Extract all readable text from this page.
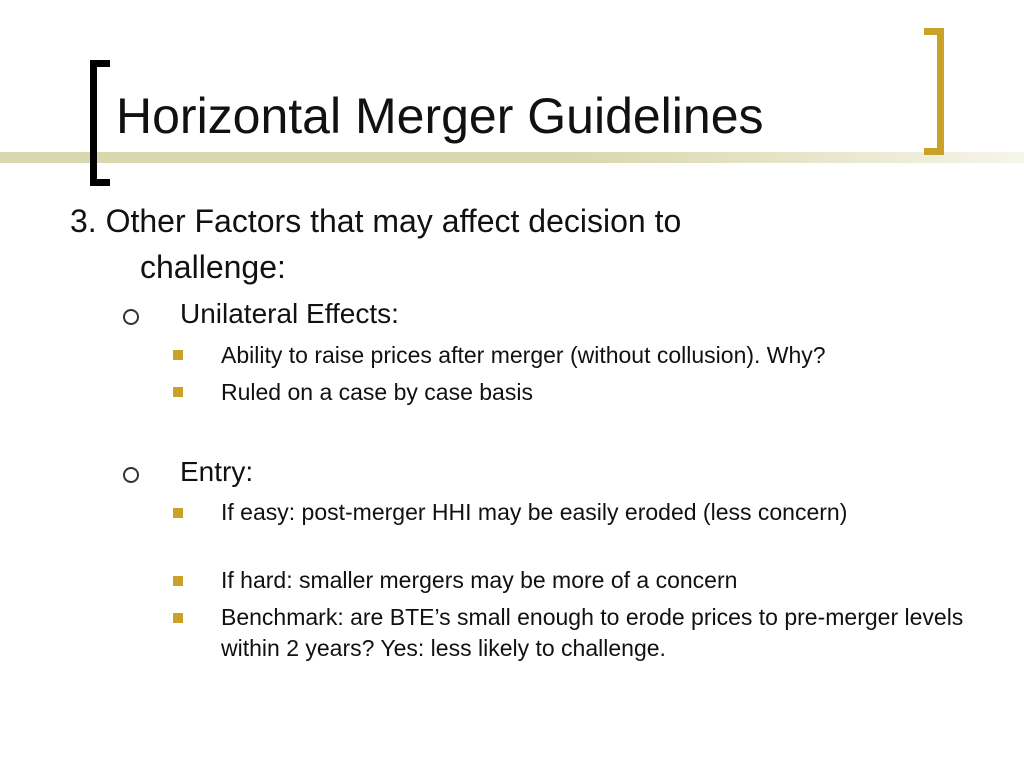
Horizontal Merger Guidelines
3. Other Factors that may affect decision to
challenge:
Unilateral Effects:
Ability to raise prices after merger (without collusion). Why?
Ruled on a case by case basis
Entry:
If easy: post-merger HHI may be easily eroded (less concern)
If hard: smaller mergers may be more of a concern
Benchmark: are BTE’s small enough to erode prices to pre-merger levels within 2 years? Yes: less likely to challenge.
